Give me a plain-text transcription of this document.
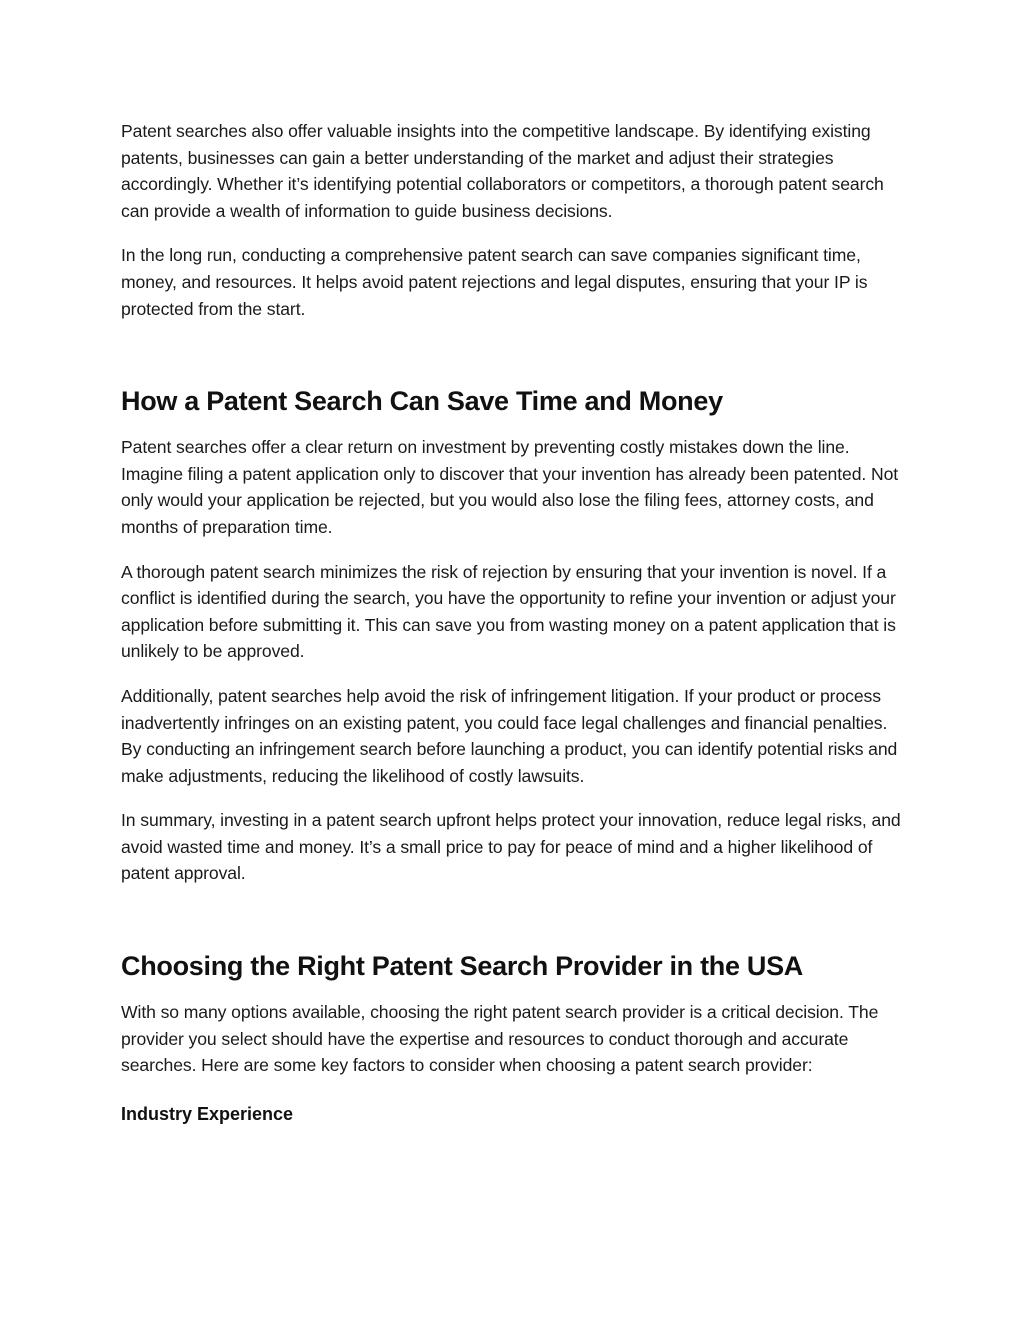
Patent searches also offer valuable insights into the competitive landscape. By identifying existing patents, businesses can gain a better understanding of the market and adjust their strategies accordingly. Whether it’s identifying potential collaborators or competitors, a thorough patent search can provide a wealth of information to guide business decisions.

In the long run, conducting a comprehensive patent search can save companies significant time, money, and resources. It helps avoid patent rejections and legal disputes, ensuring that your IP is protected from the start.

How a Patent Search Can Save Time and Money

Patent searches offer a clear return on investment by preventing costly mistakes down the line. Imagine filing a patent application only to discover that your invention has already been patented. Not only would your application be rejected, but you would also lose the filing fees, attorney costs, and months of preparation time.

A thorough patent search minimizes the risk of rejection by ensuring that your invention is novel. If a conflict is identified during the search, you have the opportunity to refine your invention or adjust your application before submitting it. This can save you from wasting money on a patent application that is unlikely to be approved.

Additionally, patent searches help avoid the risk of infringement litigation. If your product or process inadvertently infringes on an existing patent, you could face legal challenges and financial penalties. By conducting an infringement search before launching a product, you can identify potential risks and make adjustments, reducing the likelihood of costly lawsuits.

In summary, investing in a patent search upfront helps protect your innovation, reduce legal risks, and avoid wasted time and money. It’s a small price to pay for peace of mind and a higher likelihood of patent approval.

Choosing the Right Patent Search Provider in the USA

With so many options available, choosing the right patent search provider is a critical decision. The provider you select should have the expertise and resources to conduct thorough and accurate searches. Here are some key factors to consider when choosing a patent search provider:

Industry Experience
